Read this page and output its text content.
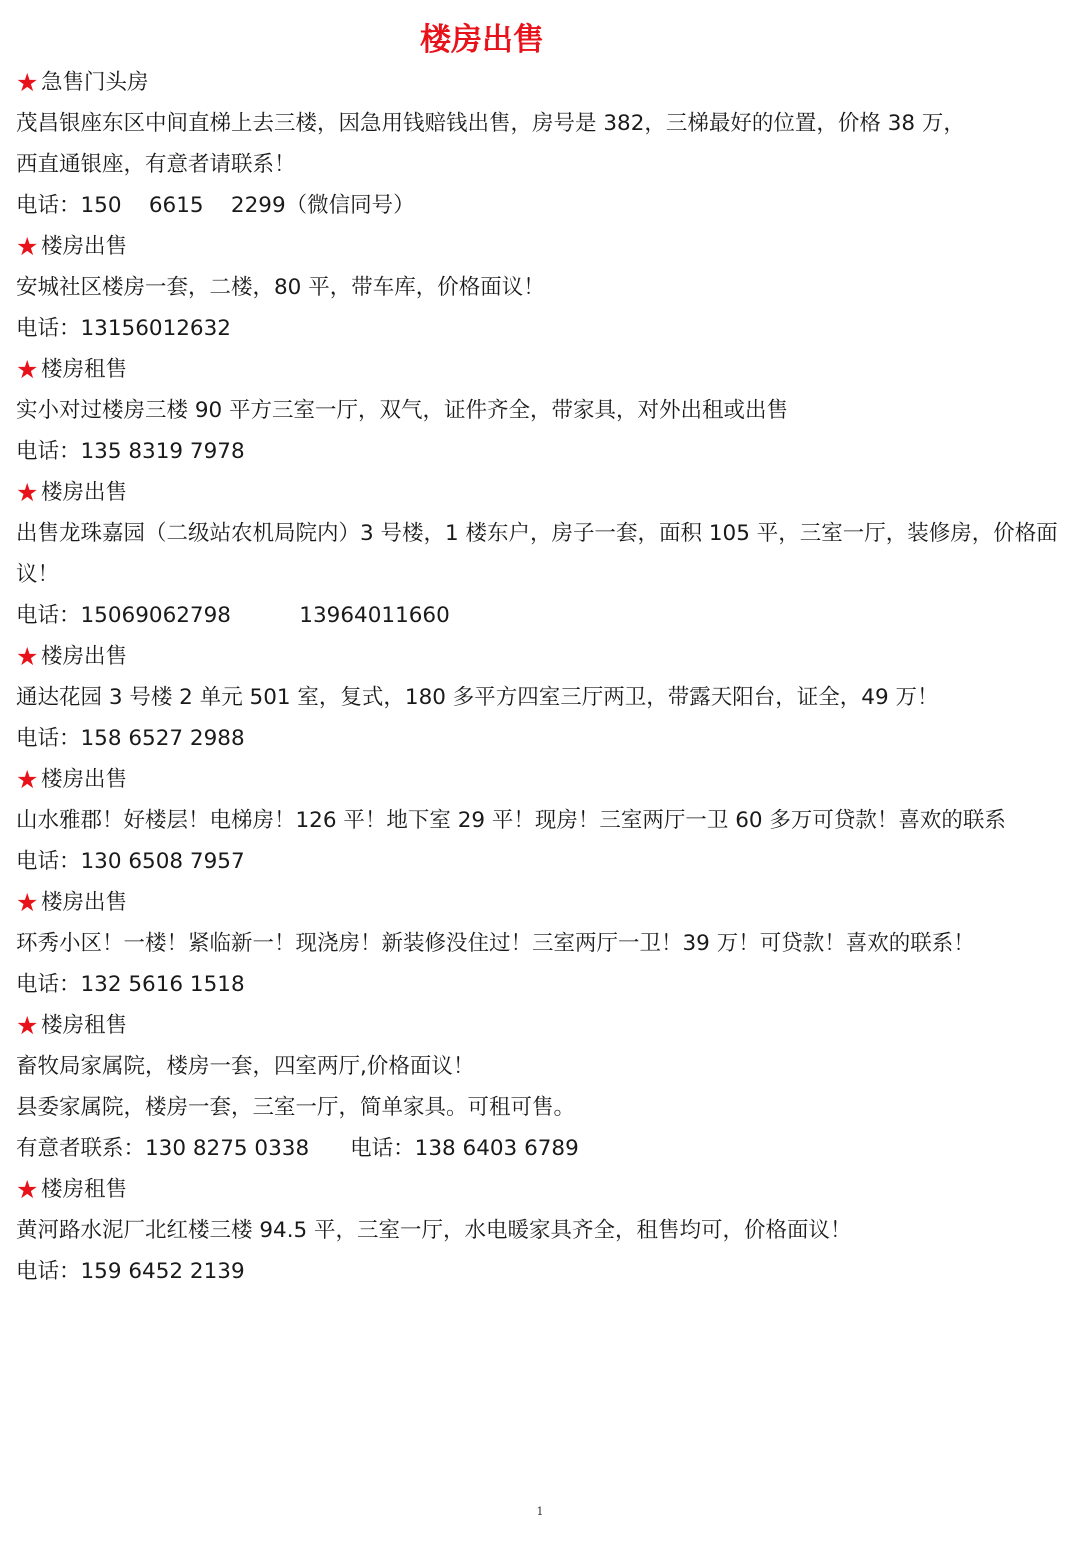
楼房出售
★ 急售门头房
茂昌银座东区中间直梯上去三楼，因急用钱赔钱出售，房号是 382，三梯最好的位置，价格 38 万，
西直通银座，有意者请联系！
电话：150    6615    2299（微信同号）
★ 楼房出售
安城社区楼房一套，二楼，80 平，带车库，价格面议！
电话：13156012632
★ 楼房租售
实小对过楼房三楼 90 平方三室一厅，双气，证件齐全，带家具，对外出租或出售
电话：135 8319 7978
★ 楼房出售
出售龙珠嘉园（二级站农机局院内）3 号楼，1 楼东户，房子一套，面积 105 平，三室一厅，装修房，价格面议！
电话：15069062798          13964011660
★ 楼房出售
通达花园 3 号楼 2 单元 501 室，复式，180 多平方四室三厅两卫，带露天阳台，证全，49 万！
电话：158 6527 2988
★ 楼房出售
山水雅郡！好楼层！电梯房！126 平！地下室 29 平！现房！三室两厅一卫 60 多万可贷款！喜欢的联系
电话：130 6508 7957
★ 楼房出售
环秀小区！一楼！紧临新一！现浇房！新装修没住过！三室两厅一卫！39 万！可贷款！喜欢的联系！
电话：132 5616 1518
★ 楼房租售
畜牧局家属院，楼房一套，四室两厅,价格面议！
县委家属院，楼房一套，三室一厅，简单家具。可租可售。
有意者联系：130 8275 0338      电话：138 6403 6789
★ 楼房租售
黄河路水泥厂北红楼三楼 94.5 平，三室一厅，水电暖家具齐全，租售均可，价格面议！
电话：159 6452 2139
1
